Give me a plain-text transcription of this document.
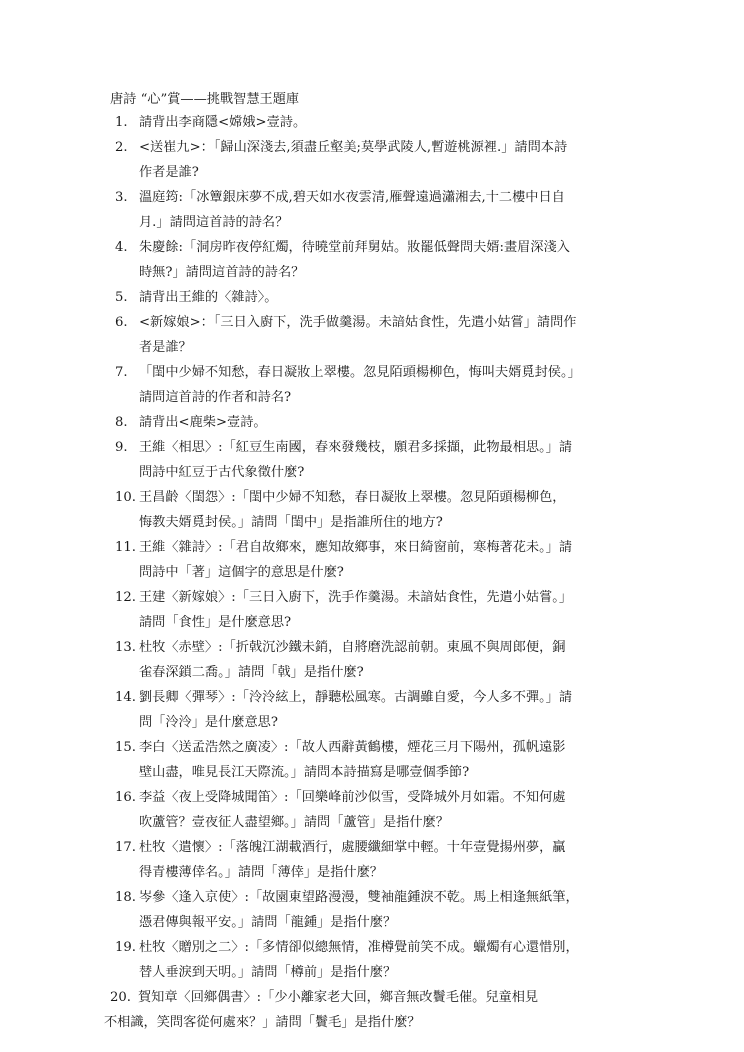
唐詩 “心”賞——挑戰智慧王題庫
1. 請背出李商隱<嫦娥>壹詩。
2. <送崔九>：「歸山深淺去,須盡丘壑美;莫學武陵人,暫遊桃源裡.」請問本詩
作者是誰?
3. 溫庭筠:「冰簟銀床夢不成,碧天如水夜雲清,雁聲遠過瀟湘去,十二樓中日自
月.」請問這首詩的詩名？
4. 朱慶餘:「洞房昨夜停紅燭，待曉堂前拜舅姑。妝罷低聲問夫婿:畫眉深淺入
時無?」請問這首詩的詩名？
5. 請背出王維的〈雜詩〉。
6. <新嫁娘>：「三日入廚下，洗手做羹湯。未諳姑食性，先遣小姑嘗」請問作
者是誰？
7. 「閨中少婦不知愁，春日凝妝上翠樓。忽見陌頭楊柳色，悔叫夫婿覓封侯。」
請問這首詩的作者和詩名?
8. 請背出<鹿柴>壹詩。
9. 王維〈相思〉:「紅豆生南國，春來發幾枝，願君多採擷，此物最相思。」請
問詩中紅豆于古代象徵什麼?
10. 王昌齡〈閨怨〉:「閨中少婦不知愁，春日凝妝上翠樓。忽見陌頭楊柳色，
悔教夫婿覓封侯。」請問「閨中」是指誰所住的地方?
11. 王維〈雜詩〉:「君自故鄉來，應知故鄉事，來日綺窗前，寒梅著花未。」請
問詩中「著」這個字的意思是什麼?
12. 王建〈新嫁娘〉:「三日入廚下，洗手作羹湯。未諳姑食性，先遣小姑嘗。」
請問「食性」是什麼意思?
13. 杜牧〈赤壁〉:「折戟沉沙鐵未銷，自將磨洗認前朝。東風不與周郎便，銅
雀春深鎖二喬。」請問「戟」是指什麼?
14. 劉長卿〈彈琴〉:「泠泠絃上，靜聽松風寒。古調雖自愛，今人多不彈。」請
問「泠泠」是什麼意思?
15. 李白〈送孟浩然之廣凌〉:「故人西辭黃鶴樓，煙花三月下陽州，孤帆遠影
壁山盡，唯見長江天際流。」請問本詩描寫是哪壹個季節?
16. 李益〈夜上受降城聞笛〉:「回樂峰前沙似雪，受降城外月如霜。不知何處
吹蘆管？壹夜征人盡望鄉。」請問「蘆管」是指什麼？
17. 杜牧〈遣懷〉:「落魄江湖載酒行，處腰纖細掌中輕。十年壹覺揚州夢，贏
得青樓薄倖名。」請問「薄倖」是指什麼？
18. 岑參〈逢入京使〉:「故園東望路漫漫，雙袖龍鍾淚不乾。馬上相逢無紙筆，
憑君傳與報平安。」請問「龍鍾」是指什麼？
19. 杜牧〈贈別之二〉:「多情卻似總無情，准樽覺前笑不成。蠟燭有心還惜別，
替人垂淚到天明。」請問「樽前」是指什麼？
20. 賀知章〈回鄉偶書〉:「少小離家老大回，鄉音無改鬢毛催。兒童相見
不相識，笑問客從何處來？」請問「鬢毛」是指什麼？
